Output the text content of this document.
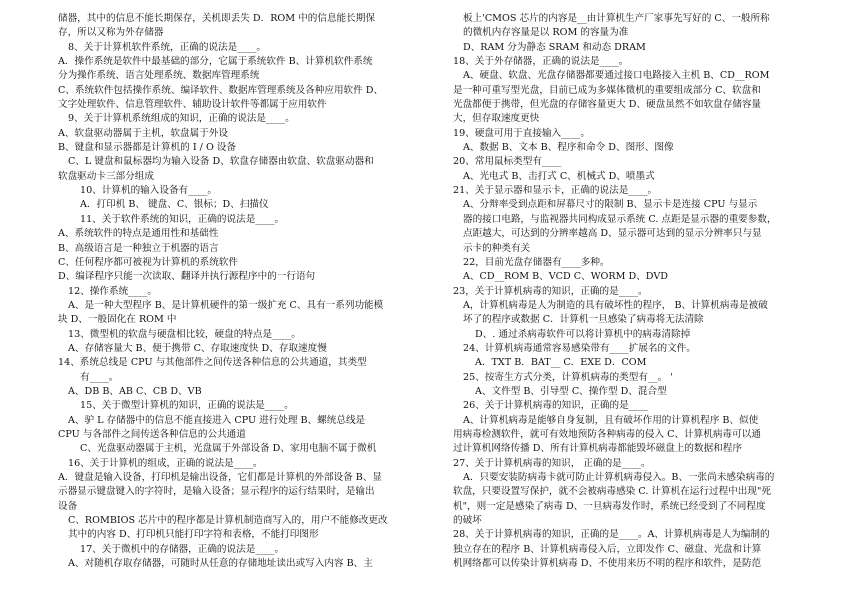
储器，其中的信息不能长期保存，关机即丢失 D．ROM 中的信息能长期保
存，所以又称为外存储器
8、关于计算机软件系统，正确的说法是____。
A．操作系统是软件中最基础的部分，它属于系统软件 B、计算机软件系统
分为操作系统、语言处理系统、数据库管理系统
C、系统软件包括操作系统、编译软件、数据库管理系统及各种应用软件 D、
文字处理软件、信息管理软件、辅助设计软件等都属于应用软件
9、关于计算机系统组成的知识，正确的说法是____。
A、软盘驱动器属于主机，软盘属于外设
B、键盘和显示器都是计算机的 I / O 设备
C、L 键盘和鼠标器均为输入设备 D、软盘存储器由软盘、软盘驱动器和
软盘驱动卡三部分组成
10、计算机的输入设备有____。
A．打印机 B、 键盘、C、银标；D、扫描仪
11、关于软件系统的知识，正确的说法是____。
A、系统软件的特点是通用性和基础性
B、高级语言是一种独立于机器的语言
C、任何程序都可被视为计算机的系统软件
D、编译程序只能一次读取、翻译并执行源程序中的一行语句
12、操作系统____。
A、是一种大型程序 B、是计算机硬件的第一级扩充 C、具有一系列功能模
块 D、一般固化在 ROM 中
13、微型机的软盘与硬盘相比较，硬盘的特点是____。
A、存储容量大 B、便于携带 C、存取速度快 D、存取速度慢
14、系统总线是 CPU 与其他部件之间传送各种信息的公共通道，其类型
有____。
A、DB B、AB C、CB D、VB
15、关于微型计算机的知识，正确的说法是____。
A、驴 L 存储器中的信息不能直接进入 CPU 进行处理 B、螺统总线是
CPU 与各部件之间传送各种信息的公共通道
C、光盘驱动器属于主机，光盘属于外部设备 D、家用电脑不属于微机
16、关于计算机的组成，正确的说法是____。
A．键盘是输入设备，打印机是输出设备，它们都是计算机的外部设备 B、显
示器显示键盘键入的字符时，是输入设备；显示程序的运行结果时，是输出
设备
C、ROMBIOS 芯片中的程序都是计算机制造商写入的，用户不能修改更改
其中的内容 D、打印机只能打印字符和表格，不能打印图形
17、关于微机中的存储器，正确的说法是____。
A、对随机存取存储器，可随时从任意的存储地址读出或写入内容 B、主
板上'CMOS 芯片的内容是__由计算机生产厂家事先写好的 C、一般所称
的微机内存容量是以 ROM 的容量为准
D、RAM 分为静态 SRAM 和动态 DRAM
18、关于外存储器，正确的说法是____。
A、硬盘、软盘、光盘存储器都要通过接口电路接入主机 B、CD__ROM
是一种可重写型光盘，目前已成为多媒体微机的重要组成部分 C、软盘和
光盘都便于携带，但光盘的存储容量更大 D、硬盘虽然不如软盘存储容量
大，但存取速度更快
19、硬盘可用于直接输入____。
A、数据 B、文本 B、程序和命令 D、图形、图像
20、常用鼠标类型有____
A、光电式 B、击打式 C、机械式 D、喷墨式
21、关于显示器和显示卡，正确的说法是____。
A、分辩率受到点距和屏幕尺寸的限制 B、显示卡是连接 CPU 与显示
器的接口电路，与监视器共同构成显示系统 C. 点距是显示器的重要参数，
点距越大，可达到的分辨率越高 D、显示器可达到的显示分辨率只与显
示卡的种类有关
22，目前光盘存储器有____多种。
A、CD__ROM B、VCD C、WORM D、DVD
23，关于计算机病毒的知识，正确的是____。
A，计算机病毒是人为制造的具有破坏性的程序， B、计算机病毒是被破
坏了的程序或数据 C．计算机一旦感染了病毒将无法清除
D、. 通过杀病毒软件可以将计算机中的病毒清除掉
24、计算机病毒通常容易感染带有____扩展名的文件。
A．TXT B．BAT__ C．EXE D．COM
25、按寄生方式分类，计算机病毒的类型有__。 '
A、文件型 B、引导型 C、操作型 D、混合型
26、关于计算机病毒的知识，正确的是____
A、计算机病毒是能够自身复制，且有破坏作用的计算机程序 B、似使
用病毒检测软件，就可有效地预防各种病毒的侵入 C、计算机病毒可以通
过计算机网络传播 D、所有计算机病毒都能毁坏磁盘上的数据和程序
27、关于计算机病毒的知识， 正确的是____。
A．只要安装防病毒卡就可防止计算机病毒侵入。B、一张尚未感染病毒的
软盘，只要设置写保护，就不会被病毒感染 C. 计算机在运行过程中出现"死
机"，则一定是感染了病毒 D、一旦病毒发作时，系统已经受到了不同程度
的破坏
28、关于计算机病毒的知识，正确的是____。A、计算机病毒是人为编制的
独立存在的程序 B、计算机病毒侵入后，立即发作 C、磁盘、光盘和计算
机网络都可以传染计算机病毒 D、不使用来历不明的程序和软件，是防范
